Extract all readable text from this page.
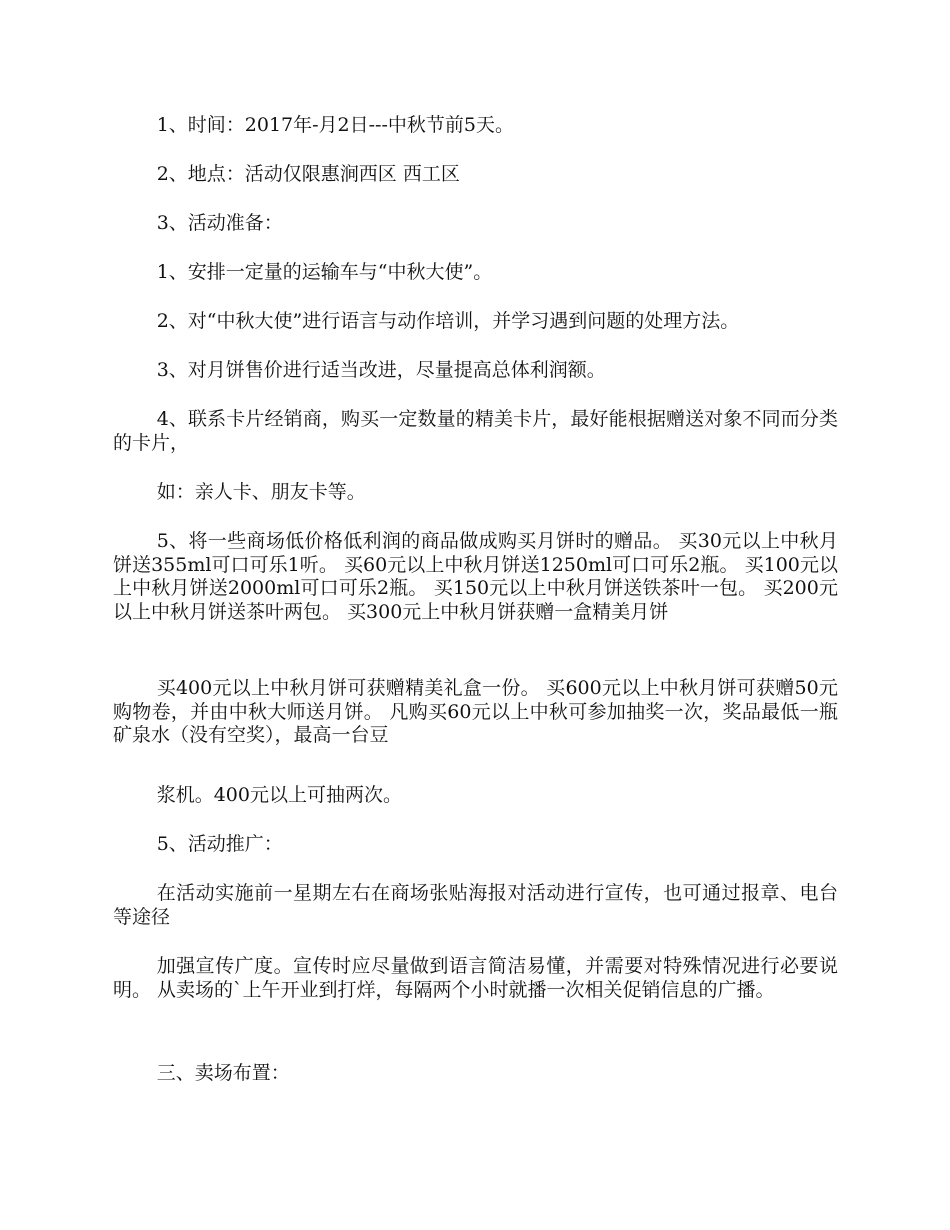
1、时间：2017年-月2日---中秋节前5天。

2、地点：活动仅限惠涧西区 西工区

3、活动准备：

1、安排一定量的运输车与“中秋大使”。

2、对“中秋大使”进行语言与动作培训，并学习遇到问题的处理方法。

3、对月饼售价进行适当改进，尽量提高总体利润额。

4、联系卡片经销商，购买一定数量的精美卡片，最好能根据赠送对象不同而分类的卡片，

如：亲人卡、朋友卡等。

5、将一些商场低价格低利润的商品做成购买月饼时的赠品。 买30元以上中秋月饼送355ml可口可乐1听。 买60元以上中秋月饼送1250ml可口可乐2瓶。 买100元以上中秋月饼送2000ml可口可乐2瓶。 买150元以上中秋月饼送铁茶叶一包。 买200元以上中秋月饼送茶叶两包。 买300元上中秋月饼获赠一盒精美月饼

买400元以上中秋月饼可获赠精美礼盒一份。 买600元以上中秋月饼可获赠50元购物卷，并由中秋大师送月饼。 凡购买60元以上中秋可参加抽奖一次，奖品最低一瓶矿泉水（没有空奖），最高一台豆

浆机。400元以上可抽两次。

5、活动推广：

在活动实施前一星期左右在商场张贴海报对活动进行宣传，也可通过报章、电台等途径

加强宣传广度。宣传时应尽量做到语言简洁易懂，并需要对特殊情况进行必要说明。 从卖场的`上午开业到打烊，每隔两个小时就播一次相关促销信息的广播。

三、卖场布置：
